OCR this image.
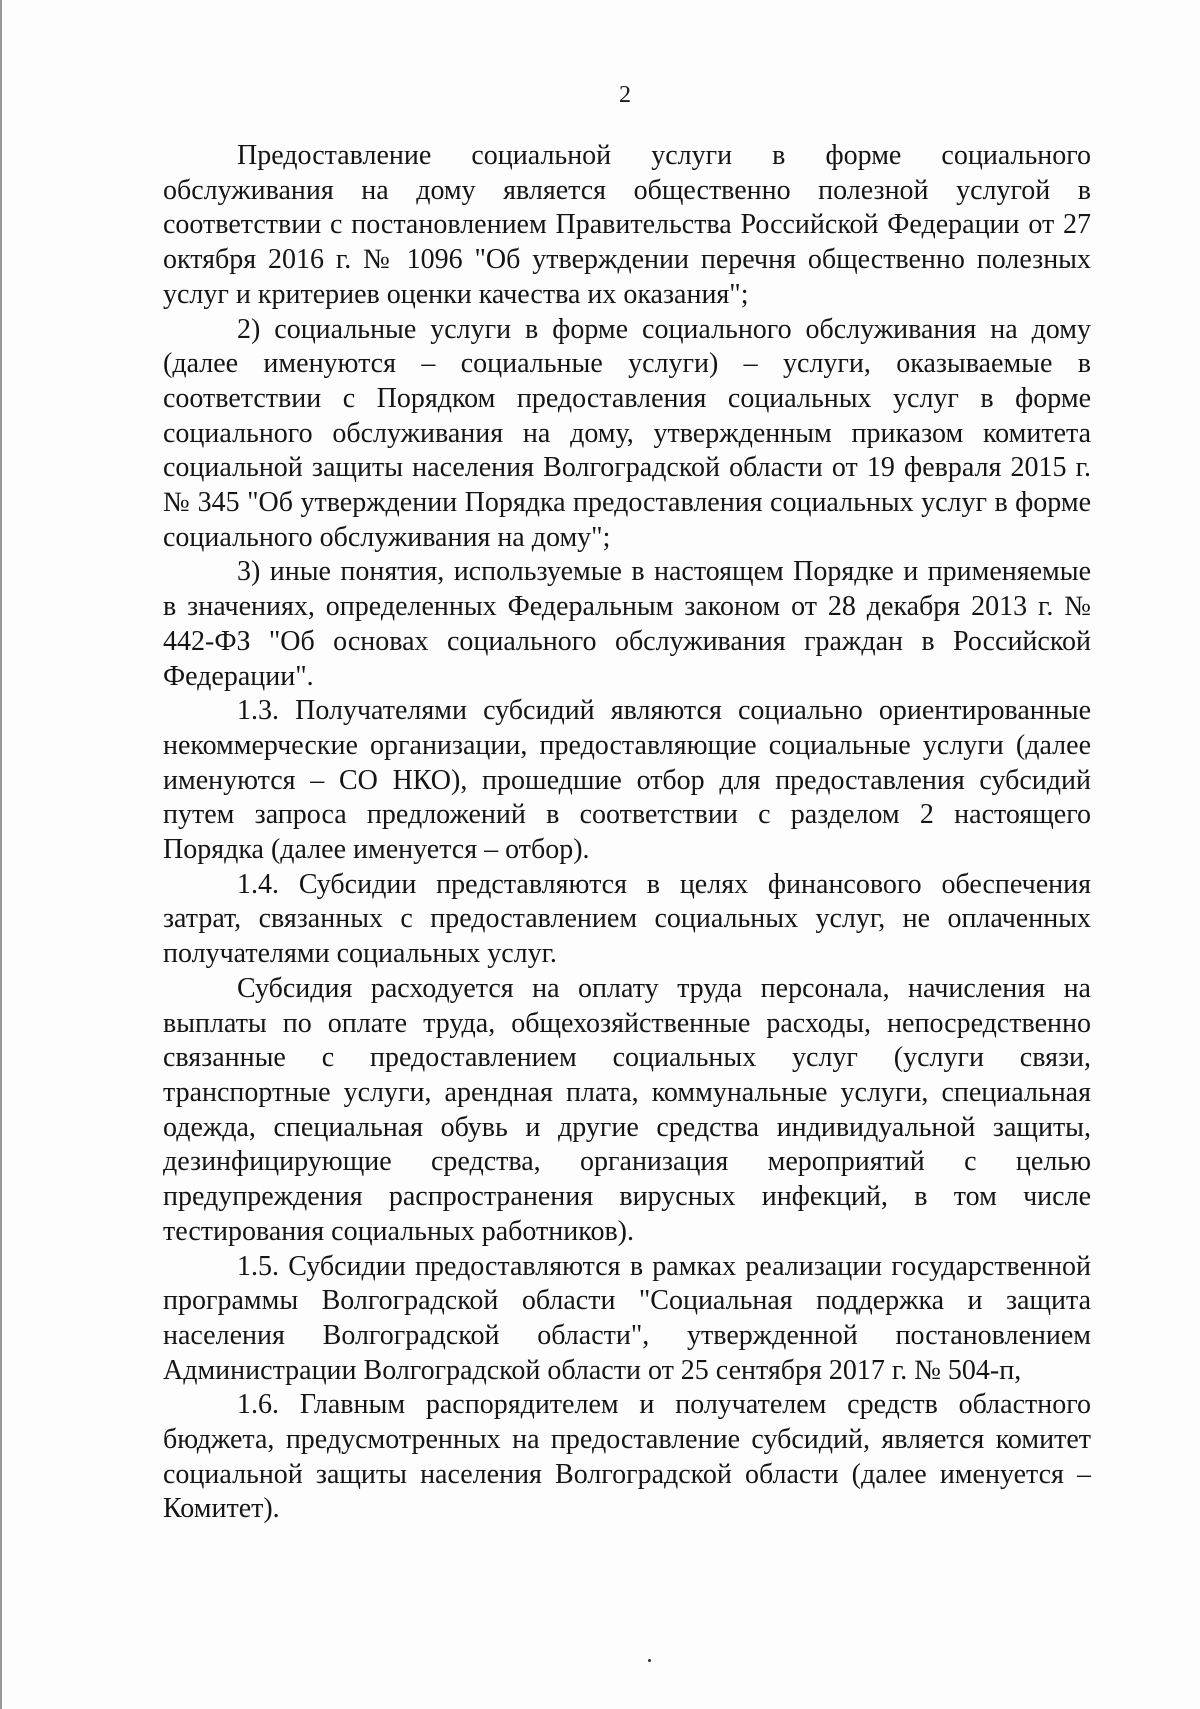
2

Предоставление социальной услуги в форме социального обслуживания на дому является общественно полезной услугой в соответствии с постановлением Правительства Российской Федерации от 27 октября 2016 г. № 1096 "Об утверждении перечня общественно полезных услуг и критериев оценки качества их оказания";

2) социальные услуги в форме социального обслуживания на дому (далее именуются – социальные услуги) – услуги, оказываемые в соответствии с Порядком предоставления социальных услуг в форме социального обслуживания на дому, утвержденным приказом комитета социальной защиты населения Волгоградской области от 19 февраля 2015 г. № 345 "Об утверждении Порядка предоставления социальных услуг в форме социального обслуживания на дому";

3) иные понятия, используемые в настоящем Порядке и применяемые в значениях, определенных Федеральным законом от 28 декабря 2013 г. № 442-ФЗ "Об основах социального обслуживания граждан в Российской Федерации".

1.3. Получателями субсидий являются социально ориентированные некоммерческие организации, предоставляющие социальные услуги (далее именуются – СО НКО), прошедшие отбор для предоставления субсидий путем запроса предложений в соответствии с разделом 2 настоящего Порядка (далее именуется – отбор).

1.4. Субсидии представляются в целях финансового обеспечения затрат, связанных с предоставлением социальных услуг, не оплаченных получателями социальных услуг.

Субсидия расходуется на оплату труда персонала, начисления на выплаты по оплате труда, общехозяйственные расходы, непосредственно связанные с предоставлением социальных услуг (услуги связи, транспортные услуги, арендная плата, коммунальные услуги, специальная одежда, специальная обувь и другие средства индивидуальной защиты, дезинфицирующие средства, организация мероприятий с целью предупреждения распространения вирусных инфекций, в том числе тестирования социальных работников).

1.5. Субсидии предоставляются в рамках реализации государственной программы Волгоградской области "Социальная поддержка и защита населения Волгоградской области", утвержденной постановлением Администрации Волгоградской области от 25 сентября 2017 г. № 504-п,

1.6. Главным распорядителем и получателем средств областного бюджета, предусмотренных на предоставление субсидий, является комитет социальной защиты населения Волгоградской области (далее именуется – Комитет).
